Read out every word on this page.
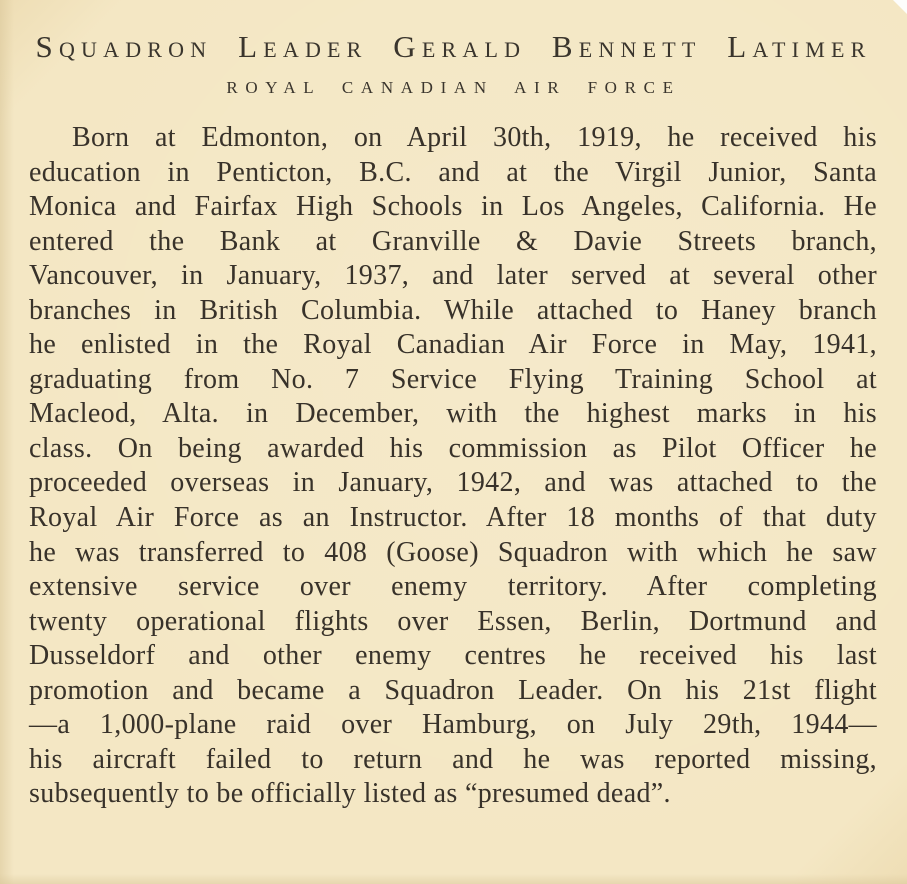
Squadron Leader Gerald Bennett Latimer
ROYAL CANADIAN AIR FORCE
Born at Edmonton, on April 30th, 1919, he received his
education in Penticton, B.C. and at the Virgil Junior, Santa
Monica and Fairfax High Schools in Los Angeles, California. He
entered the Bank at Granville & Davie Streets branch,
Vancouver, in January, 1937, and later served at several other
branches in British Columbia. While attached to Haney branch
he enlisted in the Royal Canadian Air Force in May, 1941,
graduating from No. 7 Service Flying Training School at
Macleod, Alta. in December, with the highest marks in his
class. On being awarded his commission as Pilot Officer he
proceeded overseas in January, 1942, and was attached to the
Royal Air Force as an Instructor. After 18 months of that duty
he was transferred to 408 (Goose) Squadron with which he saw
extensive service over enemy territory. After completing
twenty operational flights over Essen, Berlin, Dortmund and
Dusseldorf and other enemy centres he received his last
promotion and became a Squadron Leader. On his 21st flight
—a 1,000-plane raid over Hamburg, on July 29th, 1944—
his aircraft failed to return and he was reported missing,
subsequently to be officially listed as “presumed dead”.
